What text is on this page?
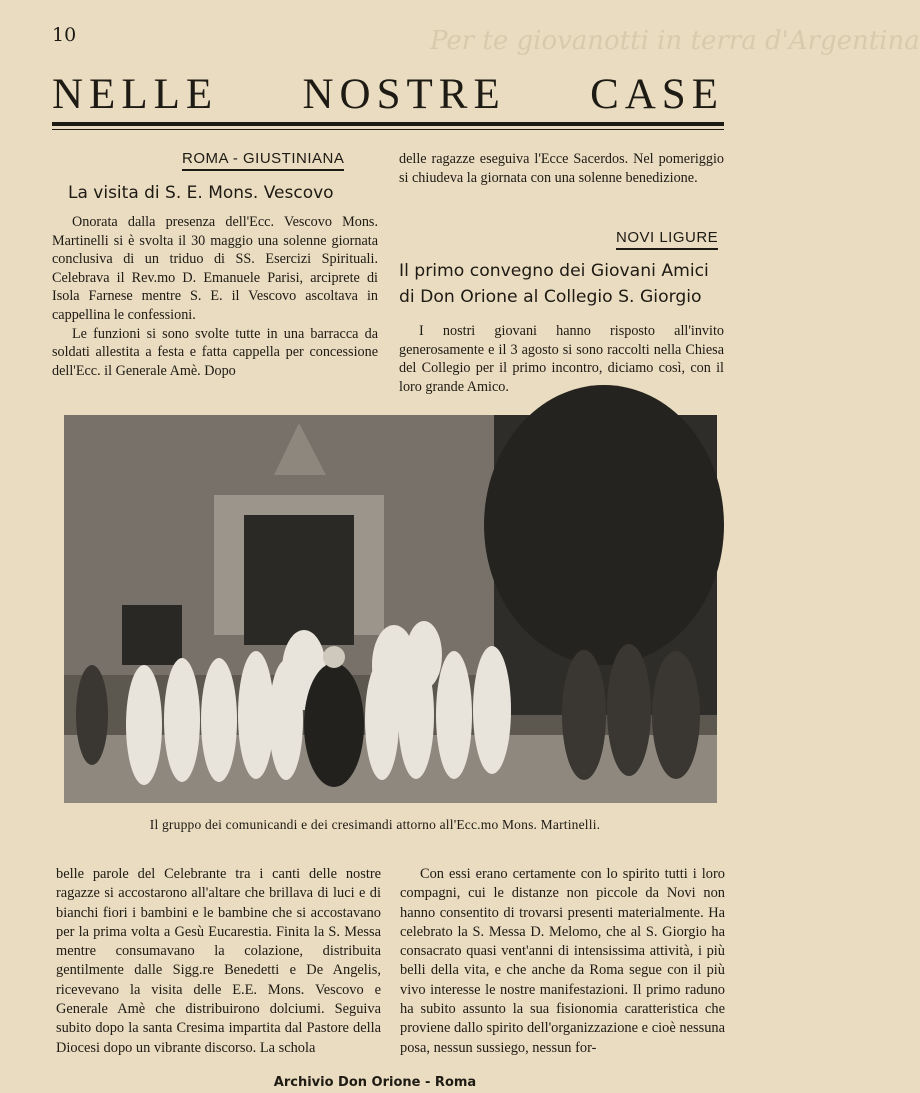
10	Per te giovanotti in terra d'Argentina
NELLE NOSTRE CASE
ROMA - GIUSTINIANA
La visita di S. E. Mons. Vescovo

Onorata dalla presenza dell'Ecc. Vescovo Mons. Martinelli si è svolta il 30 maggio una solenne giornata conclusiva di un triduo di SS. Esercizi Spirituali. Celebrava il Rev.mo D. Emanuele Parisi, arciprete di Isola Farnese mentre S. E. il Vescovo ascoltava in cappellina le confessioni.

Le funzioni si sono svolte tutte in una barracca da soldati allestita a festa e fatta cappella per concessione dell'Ecc. il Generale Amè. Dopo

delle ragazze eseguiva l'Ecce Sacerdos. Nel pomeriggio si chiudeva la giornata con una solenne benedizione.

NOVI LIGURE
Il primo convegno dei Giovani Amici
di Don Orione al Collegio S. Giorgio

I nostri giovani hanno risposto all'invito generosamente e il 3 agosto si sono raccolti nella Chiesa del Collegio per il primo incontro, diciamo così, con il loro grande Amico.

Il gruppo dei comunicandi e dei cresimandi attorno all'Ecc.mo Mons. Martinelli.

belle parole del Celebrante tra i canti delle nostre ragazze si accostarono all'altare che brillava di luci e di bianchi fiori i bambini e le bambine che si accostavano per la prima volta a Gesù Eucarestia. Finita la S. Messa mentre consumavano la colazione, distribuita gentilmente dalle Sigg.re Benedetti e De Angelis, ricevevano la visita delle E.E. Mons. Vescovo e Generale Amè che distribuirono dolciumi. Seguiva subito dopo la santa Cresima impartita dal Pastore della Diocesi dopo un vibrante discorso. La schola

Con essi erano certamente con lo spirito tutti i loro compagni, cui le distanze non piccole da Novi non hanno consentito di trovarsi presenti materialmente. Ha celebrato la S. Messa D. Melomo, che al S. Giorgio ha consacrato quasi vent'anni di intensissima attività, i più belli della vita, e che anche da Roma segue con il più vivo interesse le nostre manifestazioni. Il primo raduno ha subito assunto la sua fisionomia caratteristica che proviene dallo spirito dell'organizzazione e cioè nessuna posa, nessun sussiego, nessun for-

Archivio Don Orione - Roma
